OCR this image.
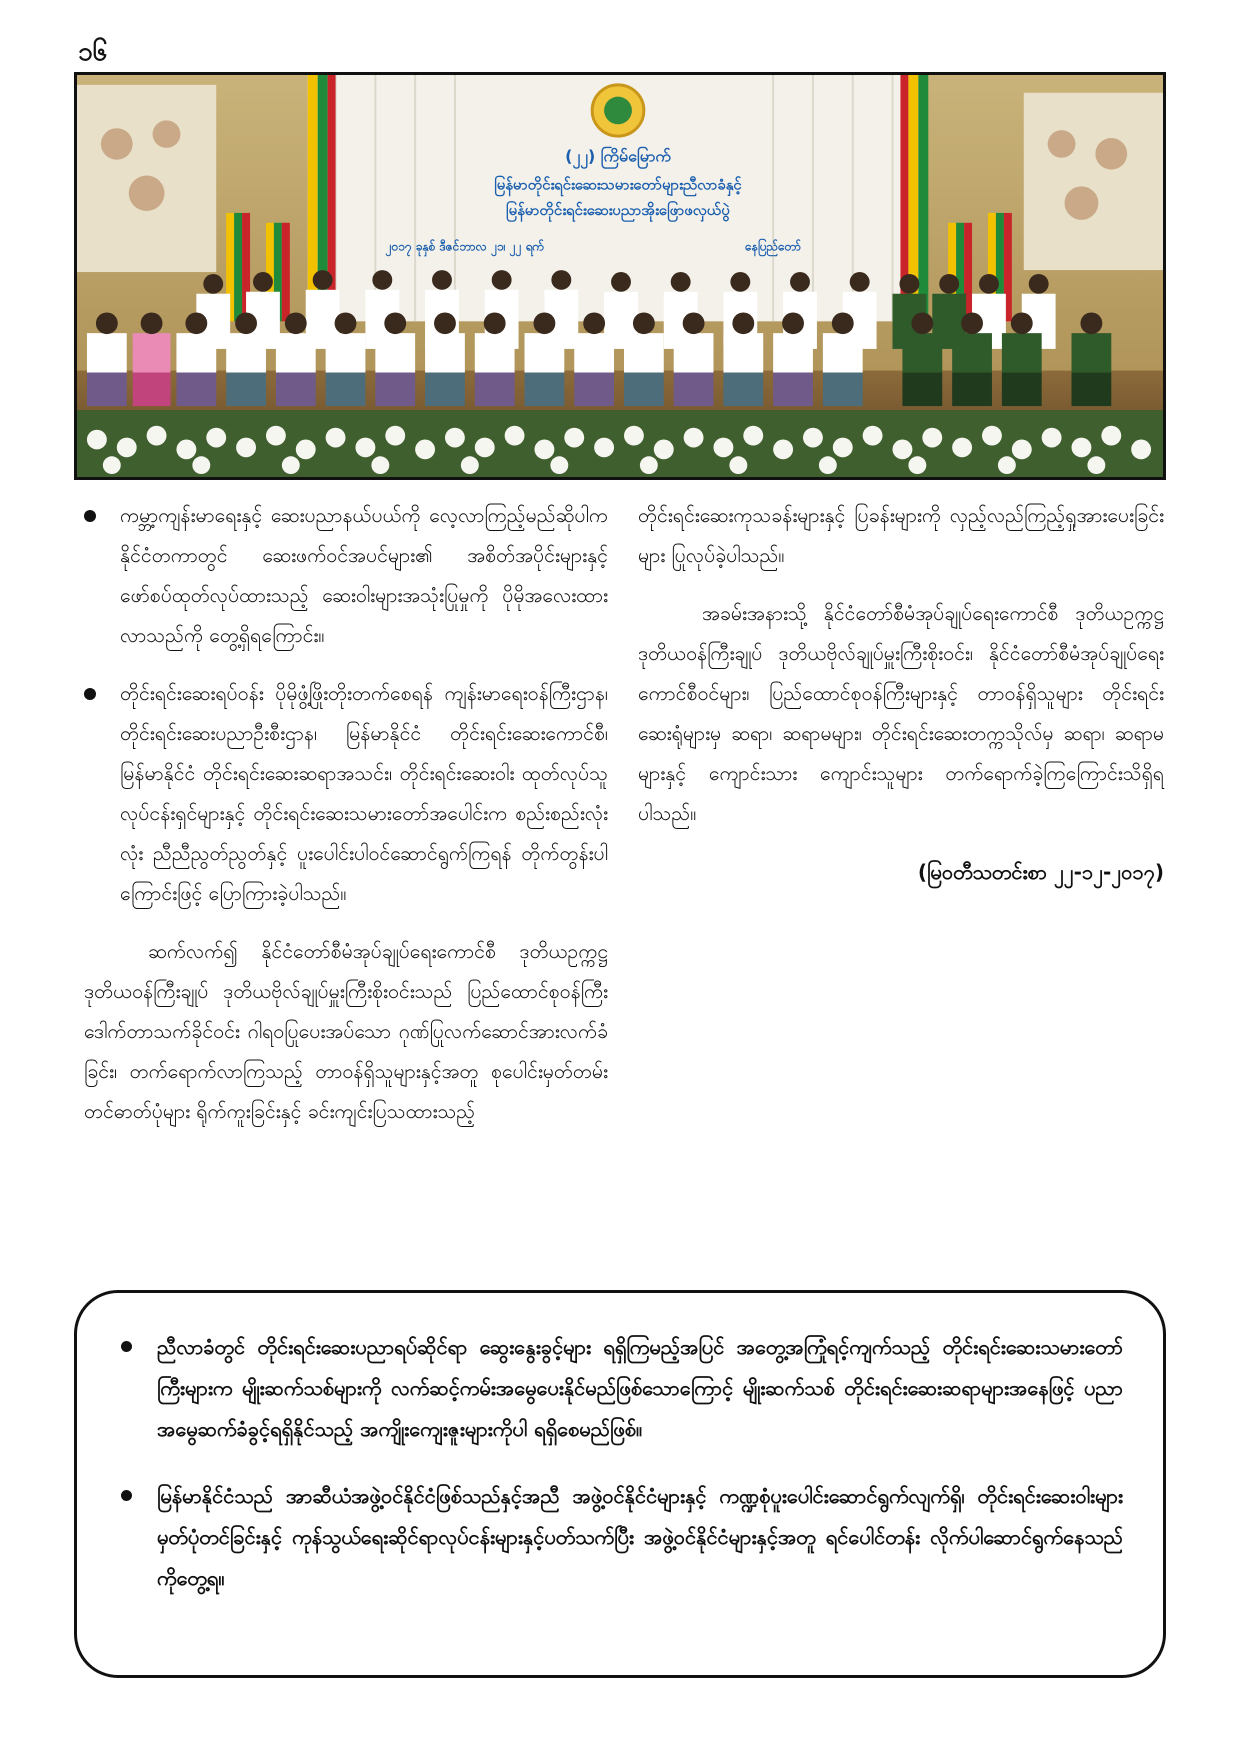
၁၆
(၂၂) ကြိမ်မြောက်
မြန်မာတိုင်းရင်းဆေးသမားတော်များညီလာခံနှင့်
မြန်မာတိုင်းရင်းဆေးပညာအိုးဖြောဖလှယ်ပွဲ
၂၀၁၇ ခုနှစ် ဒီဇင်ဘာလ ၂၁၊ ၂၂ ရက်	နေပြည်တော်
ကမ္ဘာ့ကျန်းမာရေးနှင့် ဆေးပညာနယ်ပယ်ကို လေ့လာကြည့်မည်ဆိုပါက နိုင်ငံတကာတွင် ဆေးဖက်ဝင်အပင်များ၏ အစိတ်အပိုင်းများနှင့် ဖော်စပ်ထုတ်လုပ်ထားသည့် ဆေးဝါးများအသုံးပြုမှုကို ပိုမိုအလေးထားလာသည်ကို တွေ့ရှိရကြောင်း။
တိုင်းရင်းဆေးရပ်ဝန်း ပိုမိုဖွံ့ဖြိုးတိုးတက်စေရန် ကျန်းမာရေးဝန်ကြီးဌာန၊ တိုင်းရင်းဆေးပညာဦးစီးဌာန၊ မြန်မာနိုင်ငံ တိုင်းရင်းဆေးကောင်စီ၊ မြန်မာနိုင်ငံ တိုင်းရင်းဆေးဆရာအသင်း၊ တိုင်းရင်းဆေးဝါး ထုတ်လုပ်သူလုပ်ငန်းရှင်များနှင့် တိုင်းရင်းဆေးသမားတော်အပေါင်းက စည်းစည်းလုံးလုံး ညီညီညွတ်ညွတ်နှင့် ပူးပေါင်းပါဝင်ဆောင်ရွက်ကြရန် တိုက်တွန်းပါကြောင်းဖြင့် ပြောကြားခဲ့ပါသည်။

ဆက်လက်၍ နိုင်ငံတော်စီမံအုပ်ချုပ်ရေးကောင်စီ ဒုတိယဥက္ကဋ္ဌ ဒုတိယဝန်ကြီးချုပ် ဒုတိယဗိုလ်ချုပ်မှူးကြီးစိုးဝင်းသည် ပြည်ထောင်စုဝန်ကြီး ဒေါက်တာသက်ခိုင်ဝင်း ဂါရဝပြုပေးအပ်သော ဂုဏ်ပြုလက်ဆောင်အားလက်ခံခြင်း၊ တက်ရောက်လာကြသည့် တာဝန်ရှိသူများနှင့်အတူ စုပေါင်းမှတ်တမ်းတင်ဓာတ်ပုံများ ရိုက်ကူးခြင်းနှင့် ခင်းကျင်းပြသထားသည့်

တိုင်းရင်းဆေးကုသခန်းများနှင့် ပြခန်းများကို လှည့်လည်ကြည့်ရှုအားပေးခြင်းများ ပြုလုပ်ခဲ့ပါသည်။

အခမ်းအနားသို့ နိုင်ငံတော်စီမံအုပ်ချုပ်ရေးကောင်စီ ဒုတိယဥက္ကဋ္ဌ ဒုတိယဝန်ကြီးချုပ် ဒုတိယဗိုလ်ချုပ်မှူးကြီးစိုးဝင်း၊ နိုင်ငံတော်စီမံအုပ်ချုပ်ရေးကောင်စီဝင်များ၊ ပြည်ထောင်စုဝန်ကြီးများနှင့် တာဝန်ရှိသူများ တိုင်းရင်းဆေးရုံများမှ ဆရာ၊ ဆရာမများ၊ တိုင်းရင်းဆေးတက္ကသိုလ်မှ ဆရာ၊ ဆရာမများနှင့် ကျောင်းသား ကျောင်းသူများ တက်ရောက်ခဲ့ကြကြောင်းသိရှိရပါသည်။

(မြဝတီသတင်းစာ ၂၂-၁၂-၂၀၁၇)
ညီလာခံတွင် တိုင်းရင်းဆေးပညာရပ်ဆိုင်ရာ ဆွေးနွေးခွင့်များ ရရှိကြမည့်အပြင် အတွေ့အကြုံရင့်ကျက်သည့် တိုင်းရင်းဆေးသမားတော်ကြီးများက မျိုးဆက်သစ်များကို လက်ဆင့်ကမ်းအမွေပေးနိုင်မည်ဖြစ်သောကြောင့် မျိုးဆက်သစ် တိုင်းရင်းဆေးဆရာများအနေဖြင့် ပညာအမွေဆက်ခံခွင့်ရရှိနိုင်သည့် အကျိုးကျေးဇူးများကိုပါ ရရှိစေမည်ဖြစ်။
မြန်မာနိုင်ငံသည် အာဆီယံအဖွဲ့ဝင်နိုင်ငံဖြစ်သည်နှင့်အညီ အဖွဲ့ဝင်နိုင်ငံများနှင့် ကဏ္ဍစုံပူးပေါင်းဆောင်ရွက်လျက်ရှိ၊ တိုင်းရင်းဆေးဝါးများမှတ်ပုံတင်ခြင်းနှင့် ကုန်သွယ်ရေးဆိုင်ရာလုပ်ငန်းများနှင့်ပတ်သက်ပြီး အဖွဲ့ဝင်နိုင်ငံများနှင့်အတူ ရင်ပေါင်တန်း လိုက်ပါဆောင်ရွက်နေသည်ကိုတွေ့ရ။
